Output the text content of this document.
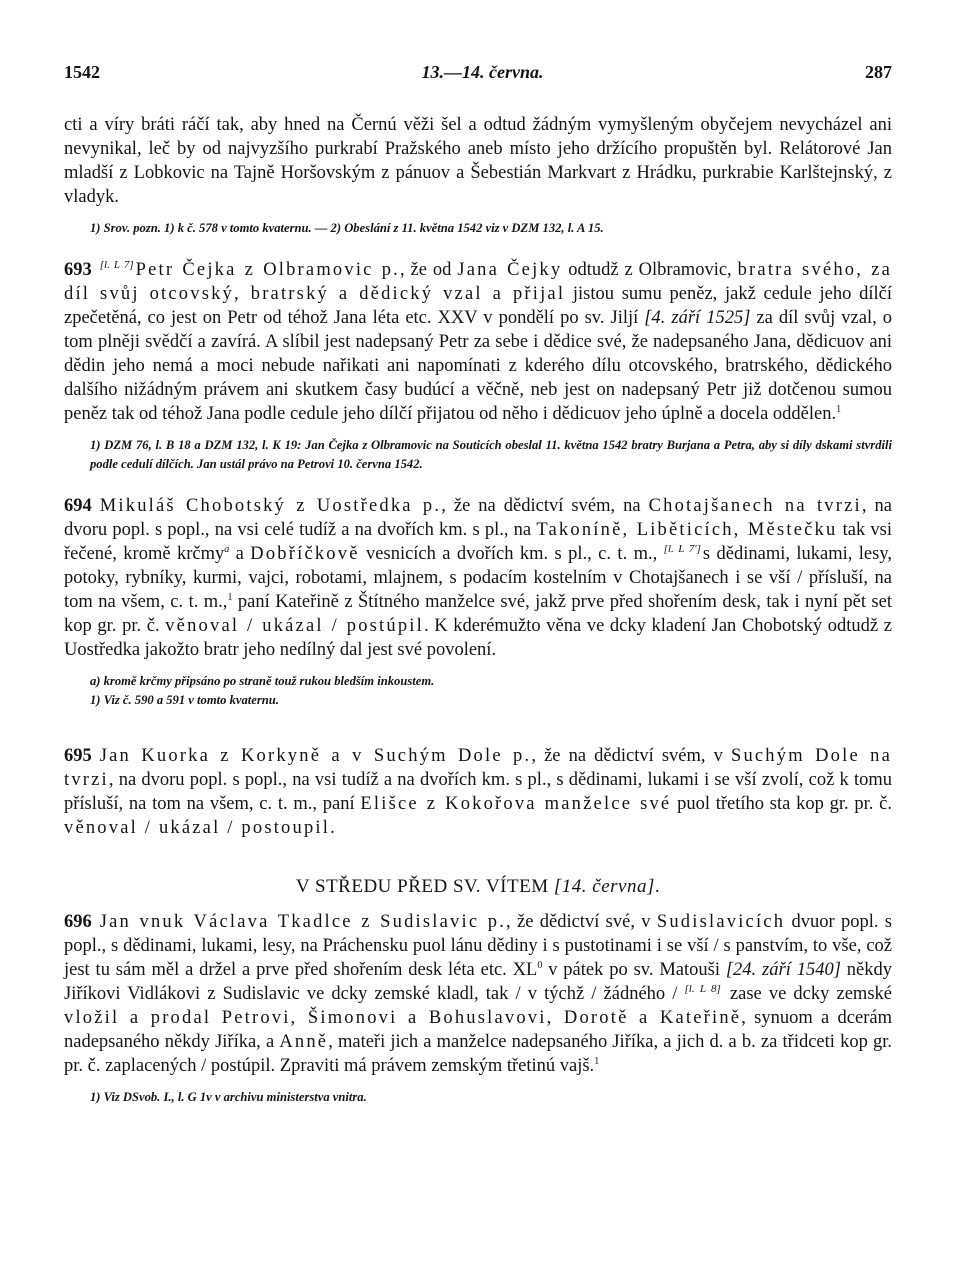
1542	13.—14. června.	287

cti a víry bráti ráčí tak, aby hned na Černú věži šel a odtud žádným vymyšleným obyčejem nevycházel ani nevynikal, leč by od najvyzšího purkrabí Pražského aneb místo jeho držícího propuštěn byl. Relátorové Jan mladší z Lobkovic na Tajně Horšovským z pánuov a Šebestián Markvart z Hrádku, purkrabie Karlštejnský, z vladyk.

1) Srov. pozn. 1) k č. 578 v tomto kvaternu. — 2) Obeslání z 11. května 1542 viz v DZM 132, l. A 15.

693 [l. L 7] Petr Čejka z Olbramovic p., že od Jana Čejky odtudž z Olbramovic, bratra svého, za díl svůj otcovský, bratrský a dědický vzal a přijal jistou sumu peněz, jakž cedule jeho dílčí zpečetěná, co jest on Petr od téhož Jana léta etc. XXV v pondělí po sv. Jiljí [4. září 1525] za díl svůj vzal, o tom plněji svědčí a zavírá. A slíbil jest nadepsaný Petr za sebe i dědice své, že nadepsaného Jana, dědicuov ani dědin jeho nemá a moci nebude nařikati ani napomínati z kderého dílu otcovského, bratrského, dědického dalšího nižádným právem ani skutkem časy budúcí a věčně, neb jest on nadepsaný Petr již dotčenou sumou peněz tak od téhož Jana podle cedule jeho dílčí přijatou od něho i dědicuov jeho úplně a docela oddělen.$^1$

1) DZM 76, l. B 18 a DZM 132, l. K 19: Jan Čejka z Olbramovic na Souticích obeslal 11. května 1542 bratry Burjana a Petra, aby si díly dskami stvrdili podle cedulí dílčích. Jan ustál právo na Petrovi 10. června 1542.

694 Mikuláš Chobotský z Uostředka p., že na dědictví svém, na Chotajšanech na tvrzi, na dvoru popl. s popl., na vsi celé tudíž a na dvořích km. s pl., na Takoníně, Liběticích, Městečku tak vsi řečené, kromě krčmy$^a$ a Dobříčkově vesnicích a dvořích km. s pl., c. t. m., [l. L 7'] s dědinami, lukami, lesy, potoky, rybníky, kurmi, vajci, robotami, mlajnem, s podacím kostelním v Chotajšanech i se vší / přísluší, na tom na všem, c. t. m.,$^1$ paní Kateřině z Štítného manželce své, jakž prve před shořením desk, tak i nyní pět set kop gr. pr. č. věnoval / ukázal / postúpil. K kderémužto věna ve dcky kladení Jan Chobotský odtudž z Uostředka jakožto bratr jeho nedílný dal jest své povolení.

a) kromě krčmy připsáno po straně touž rukou bledším inkoustem.

1) Viz č. 590 a 591 v tomto kvaternu.

695 Jan Kuorka z Korkyně a v Suchým Dole p., že na dědictví svém, v Suchým Dole na tvrzi, na dvoru popl. s popl., na vsi tudíž a na dvořích km. s pl., s dědinami, lukami i se vší zvolí, což k tomu přísluší, na tom na všem, c. t. m., paní Elišce z Kokořova manželce své puol třetího sta kop gr. pr. č. věnoval / ukázal / postoupil.

V STŘEDU PŘED SV. VÍTEM [14. června].

696 Jan vnuk Václava Tkadlce z Sudislavic p., že dědictví své, v Sudislavicích dvuor popl. s popl., s dědinami, lukami, lesy, na Práchensku puol lánu dědiny i s pustotinami i se vší / s panstvím, to vše, což jest tu sám měl a držel a prve před shořením desk léta etc. $XL^0$ v pátek po sv. Matouši [24. září 1540] někdy Jiříkovi Vidlákovi z Sudislavic ve dcky zemské kladl, tak / v týchž / žádného / [l. L 8] zase ve dcky zemské vložil a prodal Petrovi, Šimonovi a Bohuslavovi, Dorotě a Kateřině, synuom a dcerám nadepsaného někdy Jiříka, a Anně, mateři jich a manželce nadepsaného Jiříka, a jich d. a b. za třidceti kop gr. pr. č. zaplacených / postúpil. Zpraviti má právem zemským třetinú vajš.$^1$

1) Viz DSvob. I., l. G 1v v archivu ministerstva vnitra.
